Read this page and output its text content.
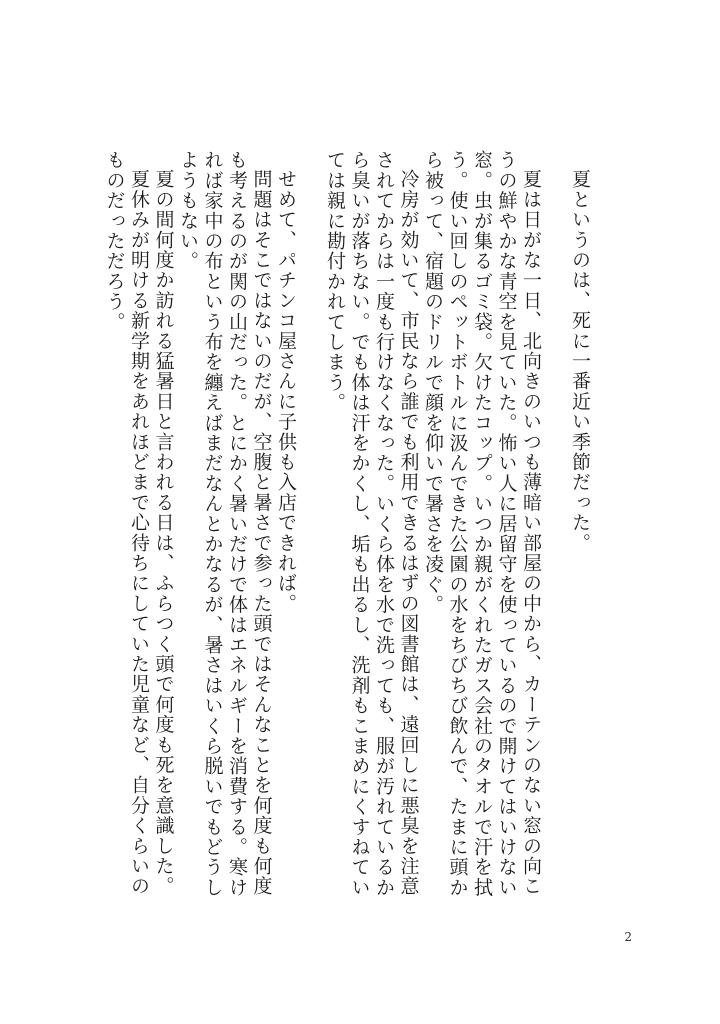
夏というのは、死に一番近い季節だった。

夏は日がな一日、北向きのいつも薄暗い部屋の中から、カーテンのない窓の向こうの鮮やかな青空を見ていた。怖い人に居留守を使っているので開けてはいけない窓。虫が集るゴミ袋。欠けたコップ。いつか親がくれたガス会社のタオルで汗を拭う。使い回しのペットボトルに汲んできた公園の水をちびちび飲んで、たまに頭から被って、宿題のドリルで顔を仰いで暑さを凌ぐ。

冷房が効いて、市民なら誰でも利用できるはずの図書館は、遠回しに悪臭を注意されてからは一度も行けなくなった。いくら体を水で洗っても、服が汚れているから臭いが落ちない。でも体は汗をかくし、垢も出るし、洗剤もこまめにくすねていては親に勘付かれてしまう。

せめて、パチンコ屋さんに子供も入店できれば。

問題はそこではないのだが、空腹と暑さで参った頭ではそんなことを何度も何度も考えるのが関の山だった。とにかく暑いだけで体はエネルギーを消費する。寒ければ家中の布という布を纏えばまだなんとかなるが、暑さはいくら脱いでもどうしようもない。

夏の間何度か訪れる猛暑日と言われる日は、ふらつく頭で何度も死を意識した。

夏休みが明ける新学期をあれほどまで心待ちにしていた児童など、自分くらいのものだっただろう。

2
